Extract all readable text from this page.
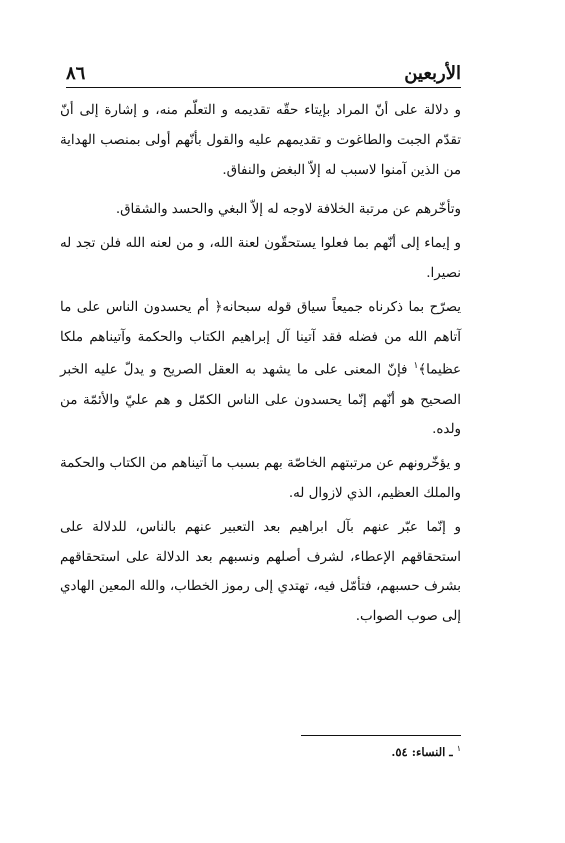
الأربعين
٨٦

و دلالة على أنّ المراد بإيتاء حقّه تقديمه و التعلّم منه، و إشارة إلى أنّ تقدّم الجبت والطاغوت و تقديمهم عليه والقول بأنّهم أولى بمنصب الهداية من الذين آمنوا لاسبب له إلاّ البغض والنفاق.

وتأخّرهم عن مرتبة الخلافة لاوجه له إلاّ البغي والحسد والشقاق.

و إيماء إلى أنّهم بما فعلوا يستحقّون لعنة الله، و من لعنه الله فلن تجد له نصيرا.

يصرّح بما ذكرناه جميعاً سياق قوله سبحانه﴿ أم يحسدون الناس على ما آتاهم الله من فضله فقد آتينا آل إبراهيم الكتاب والحكمة وآتيناهم ملكا عظيما﴾$^١$ فإنّ المعنى على ما يشهد به العقل الصريح و يدلّ عليه الخبر الصحيح هو أنّهم إنّما يحسدون على الناس الكمّل و هم عليّ والأئمّة من ولده.

و يؤخّرونهم عن مرتبتهم الخاصّة بهم بسبب ما آتيناهم من الكتاب والحكمة والملك العظيم، الذي لازوال له.

و إنّما عبّر عنهم بآل ابراهيم بعد التعبير عنهم بالناس، للدلالة على استحقاقهم الإعطاء، لشرف أصلهم ونسبهم بعد الدلالة على استحقاقهم بشرف حسبهم، فتأمّل فيه، تهتدي إلى رموز الخطاب، والله المعين الهادي إلى صوب الصواب.

$^١$ ـ النساء: ٥٤.
